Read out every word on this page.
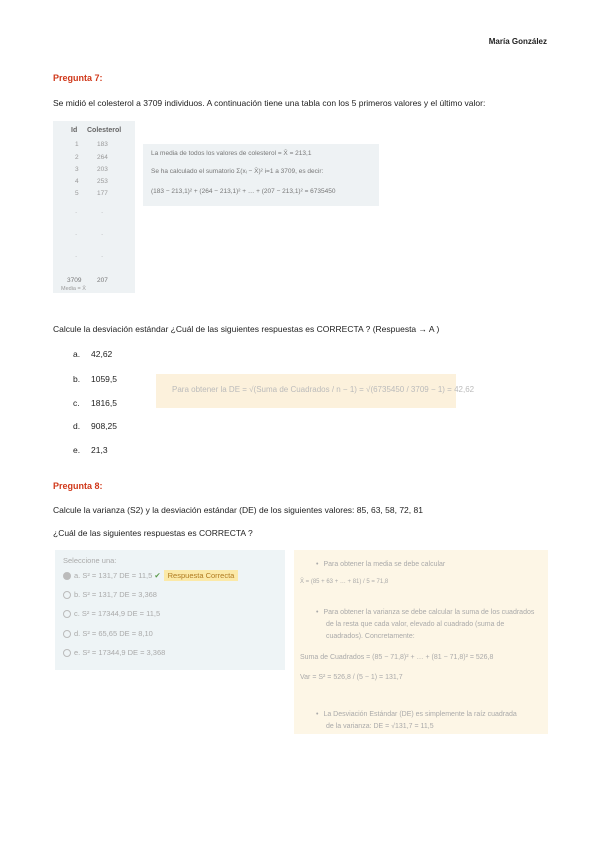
María González
Pregunta 7:
Se midió el colesterol a 3709 individuos. A continuación tiene una tabla con los 5 primeros valores y el último valor:
Id Colesterol
1	183
2	264
3	203
4	253
5	177
·	·
·	·
·	·
3709 207
Media = X̄
La media de todos los valores de colesterol = X̄ = 213,1
Se ha calculado el sumatorio Σ(xᵢ − X̄)² i=1 a 3709, es decir:
(183 − 213,1)² + (264 − 213,1)² + … + (207 − 213,1)² = 6735450
Calcule la desviación estándar ¿Cuál de las siguientes respuestas es CORRECTA ? (Respuesta → A )
a. 42,62
b. 1059,5
c. 1816,5
d. 908,25
e. 21,3
Para obtener la DE = √(Suma de Cuadrados / n − 1) = √(6735450 / 3709 − 1) = 42,62
Pregunta 8:
Calcule la varianza (S2) y la desviación estándar (DE) de los siguientes valores: 85, 63, 58, 72, 81
¿Cuál de las siguientes respuestas es CORRECTA ?
Seleccione una:
a. S² = 131,7 DE = 11,5 ✔ Respuesta Correcta
b. S² = 131,7 DE = 3,368
c. S² = 17344,9 DE = 11,5
d. S² = 65,65 DE = 8,10
e. S² = 17344,9 DE = 3,368
• Para obtener la media se debe calcular
X̄ = (85 + 63 + … + 81) / 5 = 71,8
• Para obtener la varianza se debe calcular la suma de los cuadrados
de la resta que cada valor, elevado al cuadrado (suma de
cuadrados). Concretamente:
Suma de Cuadrados = (85 − 71,8)² + … + (81 − 71,8)² = 526,8
Var = S² = 526,8 / (5 − 1) = 131,7
• La Desviación Estándar (DE) es simplemente la raíz cuadrada
de la varianza: DE = √131,7 = 11,5
